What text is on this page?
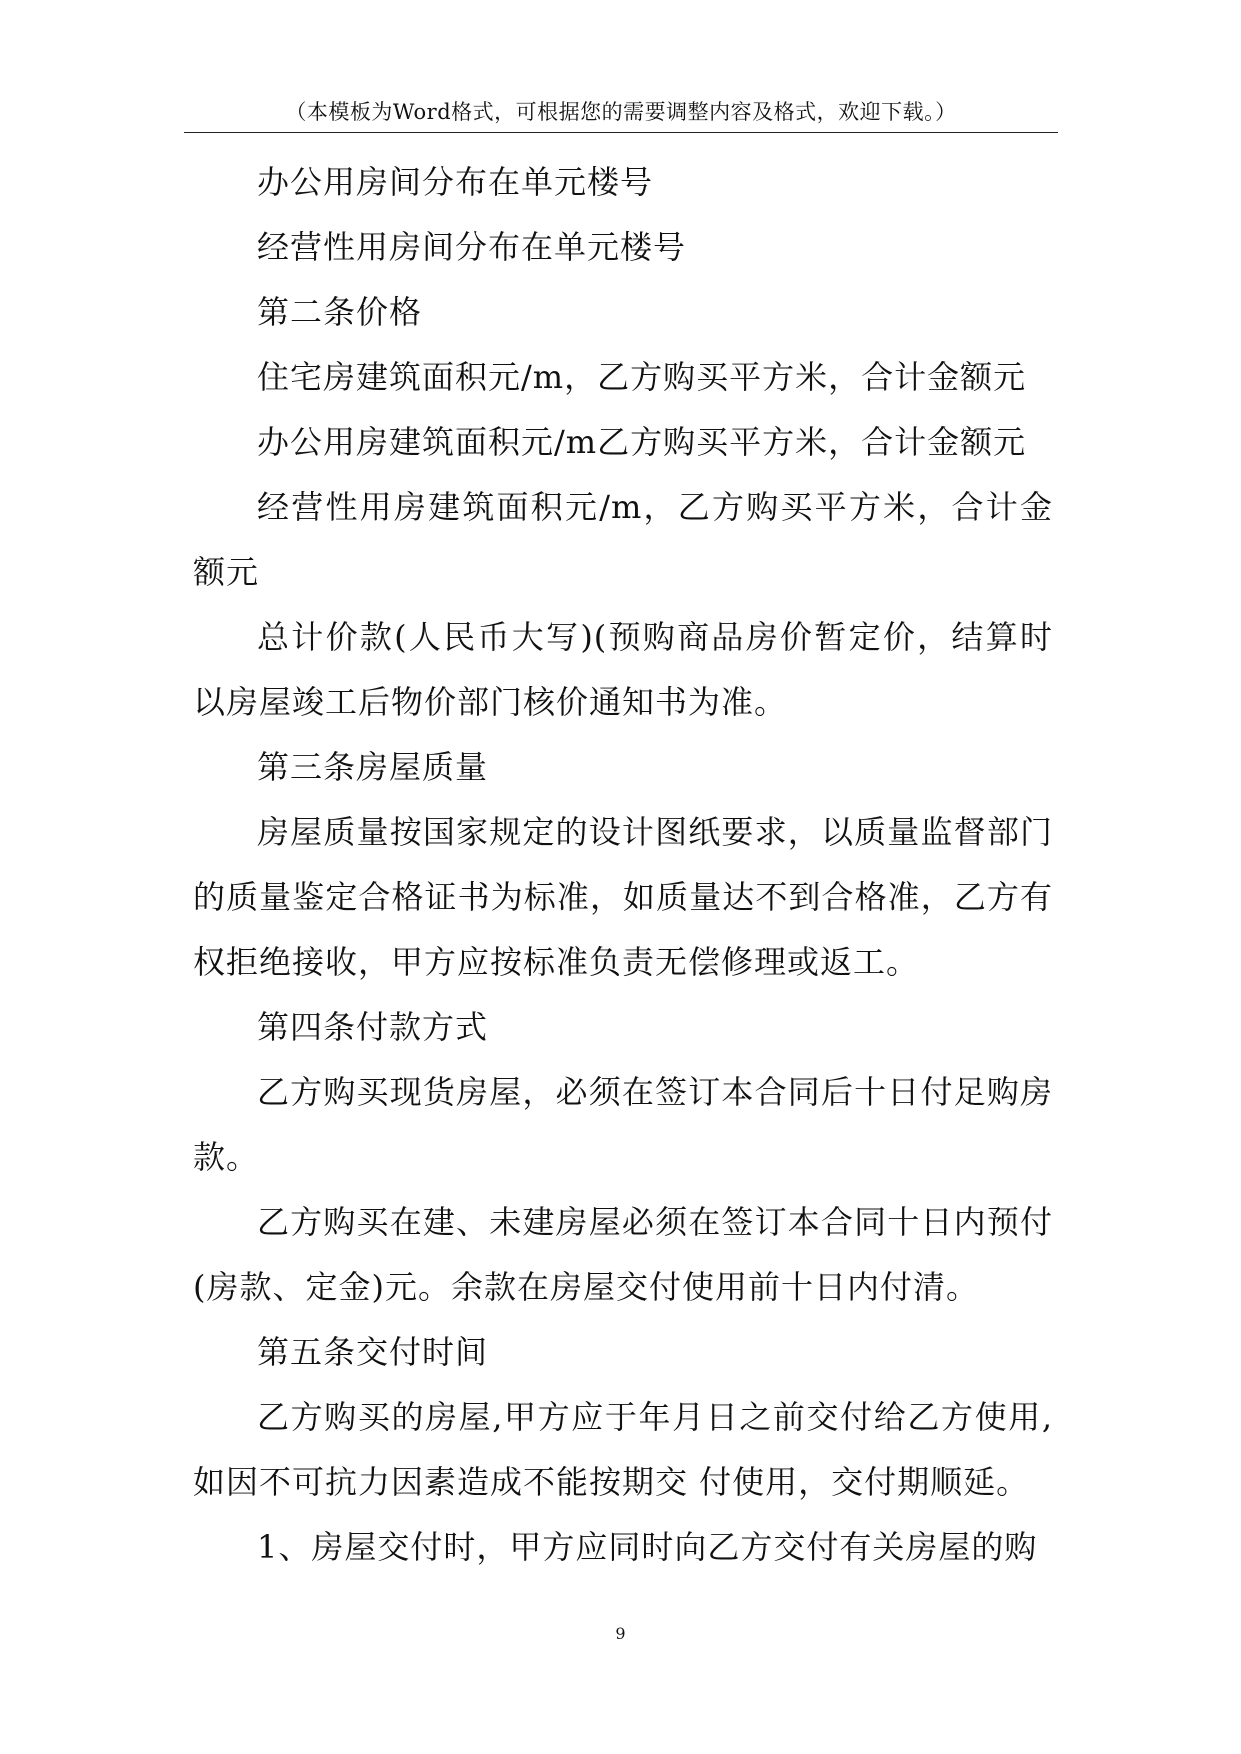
（本模板为Word格式，可根据您的需要调整内容及格式，欢迎下载。）

办公用房间分布在单元楼号

经营性用房间分布在单元楼号

第二条价格

住宅房建筑面积元/m，乙方购买平方米，合计金额元

办公用房建筑面积元/m乙方购买平方米，合计金额元

经营性用房建筑面积元/m，乙方购买平方米，合计金额元

总计价款(人民币大写)(预购商品房价暂定价，结算时以房屋竣工后物价部门核价通知书为准。

第三条房屋质量

房屋质量按国家规定的设计图纸要求，以质量监督部门的质量鉴定合格证书为标准，如质量达不到合格准，乙方有权拒绝接收，甲方应按标准负责无偿修理或返工。

第四条付款方式

乙方购买现货房屋，必须在签订本合同后十日付足购房款。

乙方购买在建、未建房屋必须在签订本合同十日内预付(房款、定金)元。余款在房屋交付使用前十日内付清。

第五条交付时间

乙方购买的房屋,甲方应于年月日之前交付给乙方使用,如因不可抗力因素造成不能按期交 付使用，交付期顺延。

1、房屋交付时，甲方应同时向乙方交付有关房屋的购

9
